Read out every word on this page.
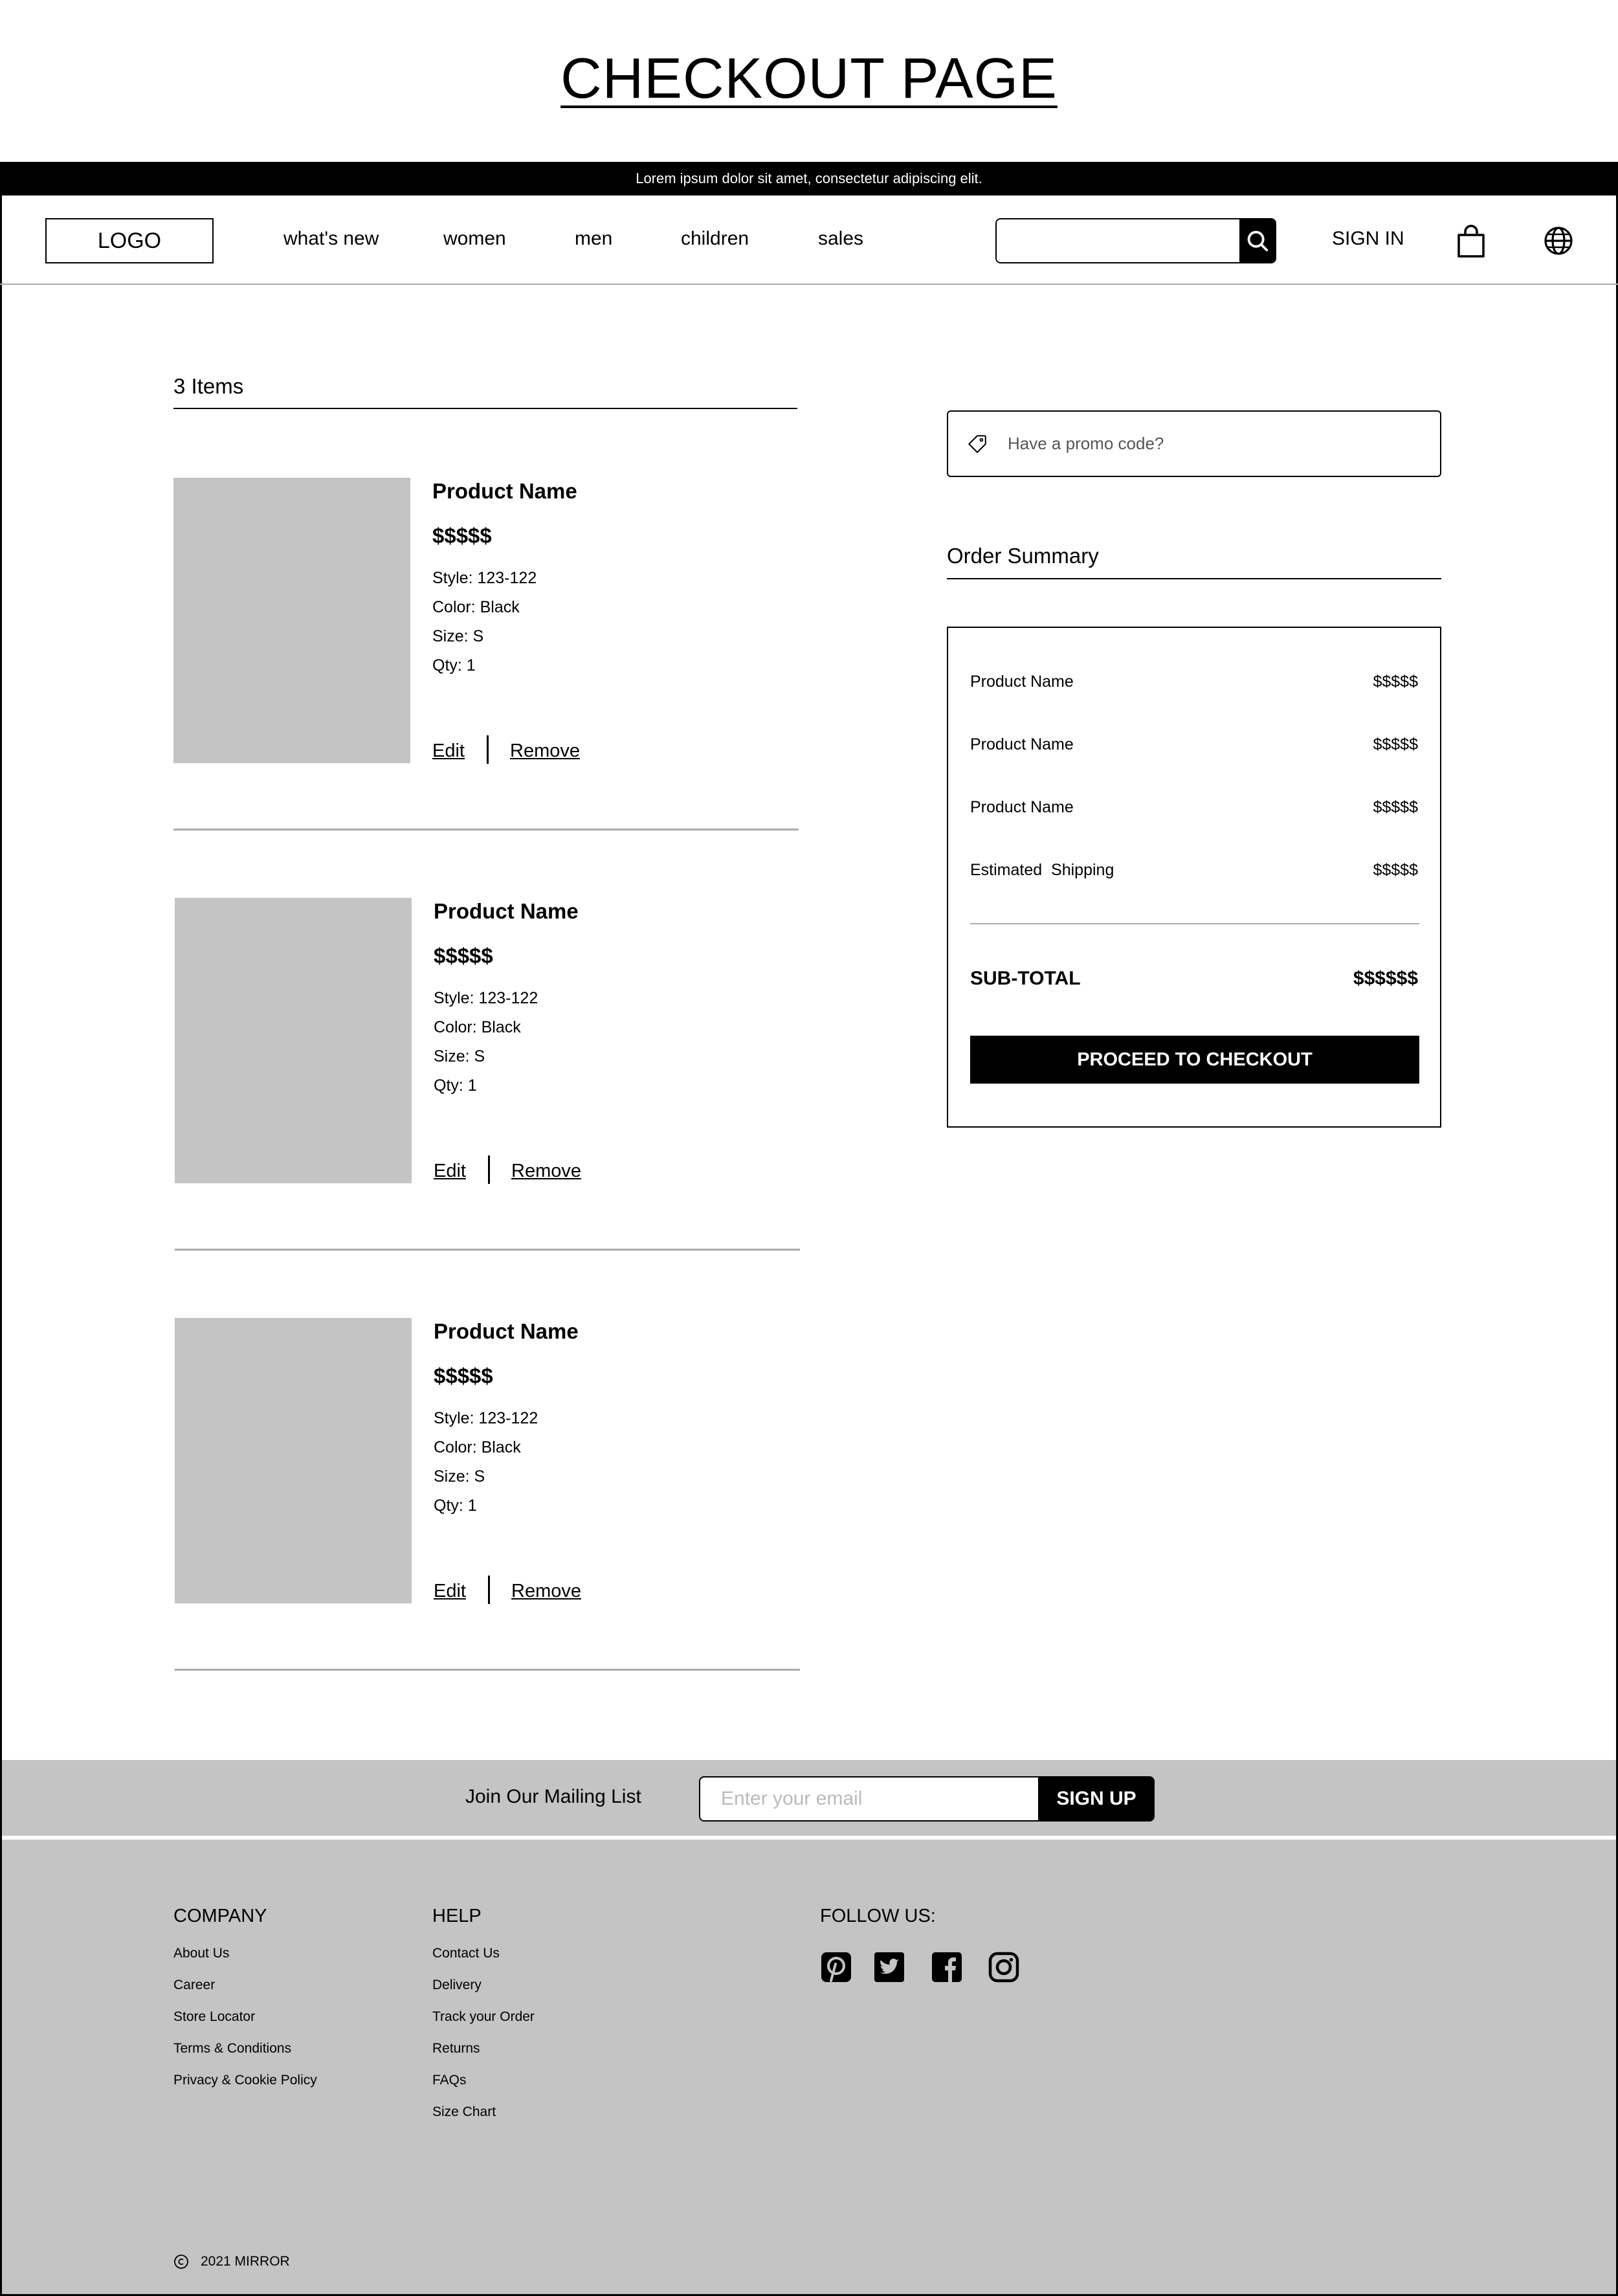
CHECKOUT PAGE
Lorem ipsum dolor sit amet, consectetur adipiscing elit.
LOGO	what's new	women	men	children	sales	SIGN IN
3 Items
Product Name
$$$$$
Style: 123-122
Color: Black
Size: S
Qty: 1
Edit Remove
Product Name
$$$$$
Style: 123-122
Color: Black
Size: S
Qty: 1
Edit Remove
Product Name
$$$$$
Style: 123-122
Color: Black
Size: S
Qty: 1
Edit Remove
Have a promo code?
Order Summary
Product Name	$$$$$
Product Name	$$$$$
Product Name	$$$$$
Estimated  Shipping	$$$$$
SUB-TOTAL	$$$$$$
PROCEED TO CHECKOUT
Join Our Mailing List
Enter your email	SIGN UP
COMPANY
About Us
Career
Store Locator
Terms & Conditions
Privacy & Cookie Policy
HELP
Contact Us
Delivery
Track your Order
Returns
FAQs
Size Chart
FOLLOW US:
2021 MIRROR
